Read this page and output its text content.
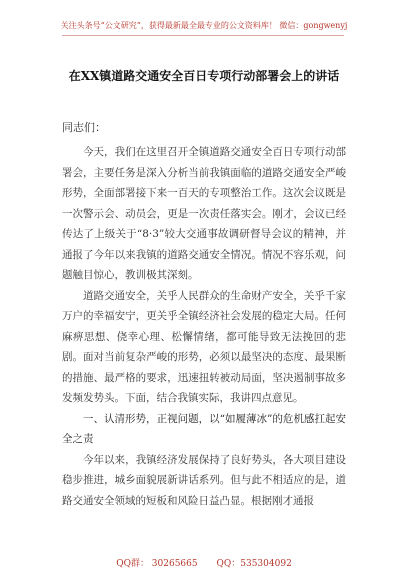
关注头条号“公文研究”，获得最新最全最专业的公文资料库！ 微信：gongwenyj
在XX镇道路交通安全百日专项行动部署会上的讲话
同志们：

今天，我们在这里召开全镇道路交通安全百日专项行动部署会，主要任务是深入分析当前我镇面临的道路交通安全严峻形势，全面部署接下来一百天的专项整治工作。这次会议既是一次警示会、动员会，更是一次责任落实会。刚才，会议已经传达了上级关于“8·3”较大交通事故调研督导会议的精神，并通报了今年以来我镇的道路交通安全情况。情况不容乐观，问题触目惊心，教训极其深刻。

道路交通安全，关乎人民群众的生命财产安全，关乎千家万户的幸福安宁，更关乎全镇经济社会发展的稳定大局。任何麻痹思想、侥幸心理、松懈情绪，都可能导致无法挽回的悲剧。面对当前复杂严峻的形势，必须以最坚决的态度、最果断的措施、最严格的要求，迅速扭转被动局面，坚决遏制事故多发频发势头。下面，结合我镇实际，我讲四点意见。

一、认清形势，正视问题，以“如履薄冰”的危机感扛起安全之责

今年以来，我镇经济发展保持了良好势头，各大项目建设稳步推进，城乡面貌展新讲话系列。但与此不相适应的是，道路交通安全领域的短板和风险日益凸显。根据刚才通报

QQ群： 30265665 QQ：535304092
